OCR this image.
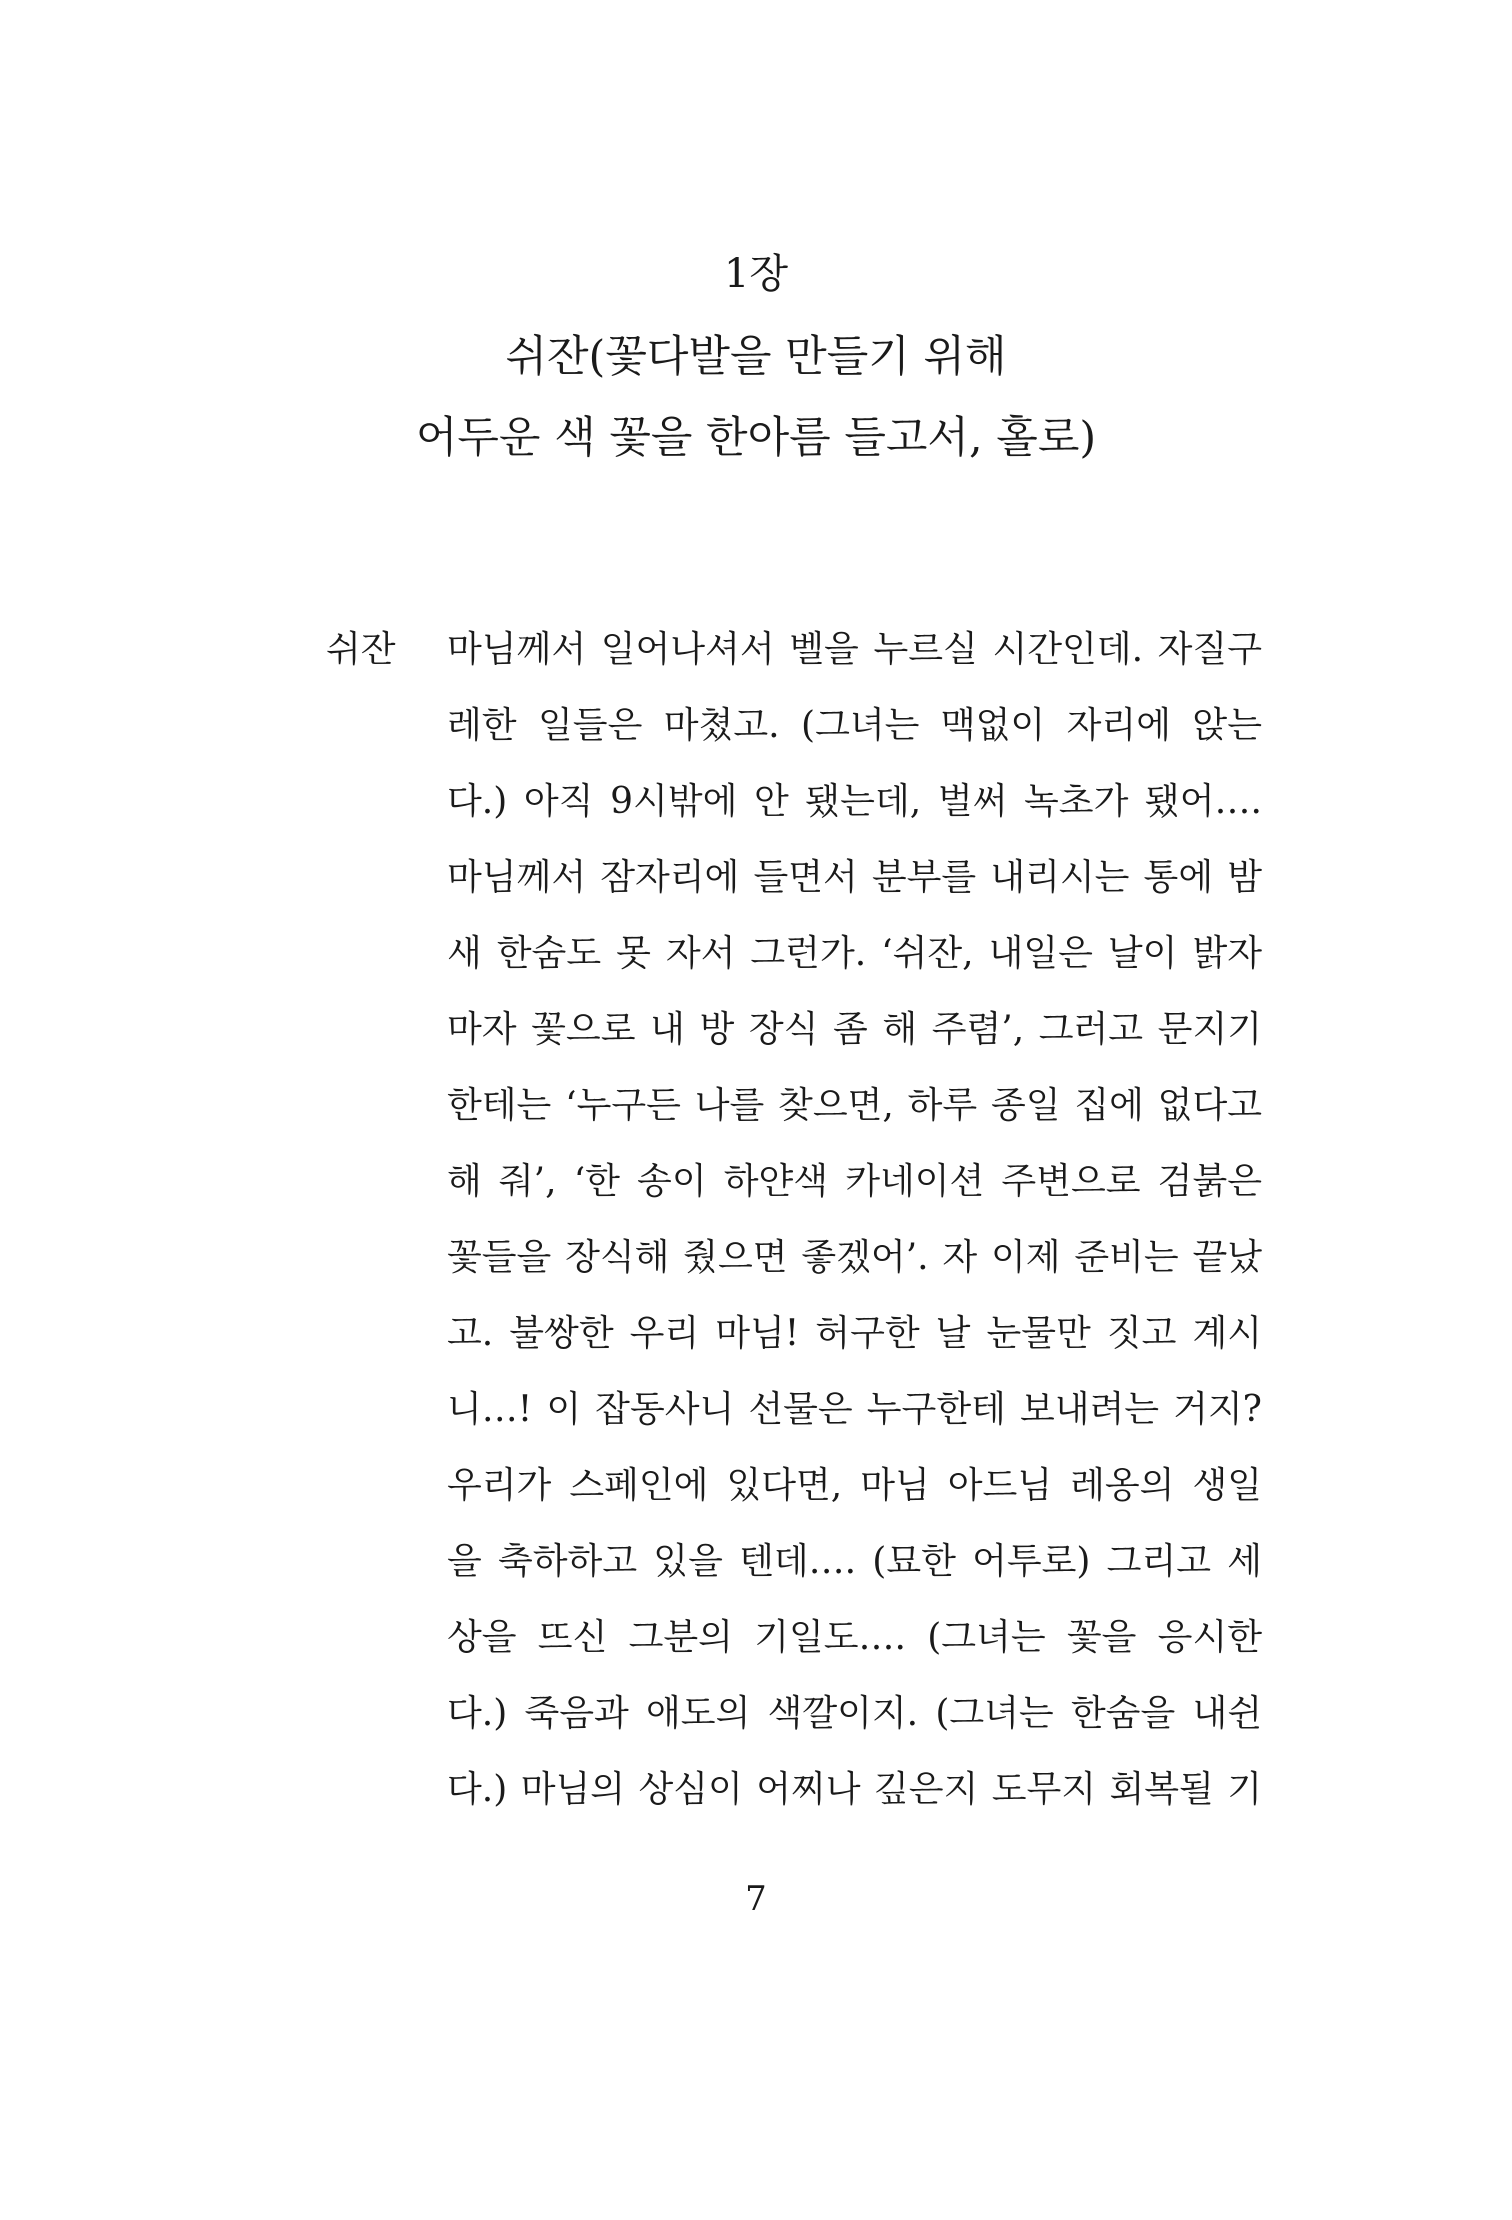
1장
쉬잔(꽃다발을 만들기 위해
어두운 색 꽃을 한아름 들고서, 홀로)
쉬잔 마님께서 일어나셔서 벨을 누르실 시간인데. 자질구
레한 일들은 마쳤고. (그녀는 맥없이 자리에 앉는
다.) 아직 9시밖에 안 됐는데, 벌써 녹초가 됐어….
마님께서 잠자리에 들면서 분부를 내리시는 통에 밤
새 한숨도 못 자서 그런가. ‘쉬잔, 내일은 날이 밝자
마자 꽃으로 내 방 장식 좀 해 주렴’, 그러고 문지기
한테는 ‘누구든 나를 찾으면, 하루 종일 집에 없다고
해 줘’, ‘한 송이 하얀색 카네이션 주변으로 검붉은
꽃들을 장식해 줬으면 좋겠어’. 자 이제 준비는 끝났
고. 불쌍한 우리 마님! 허구한 날 눈물만 짓고 계시
니…! 이 잡동사니 선물은 누구한테 보내려는 거지?
우리가 스페인에 있다면, 마님 아드님 레옹의 생일
을 축하하고 있을 텐데…. (묘한 어투로) 그리고 세
상을 뜨신 그분의 기일도…. (그녀는 꽃을 응시한
다.) 죽음과 애도의 색깔이지. (그녀는 한숨을 내쉰
다.) 마님의 상심이 어찌나 깊은지 도무지 회복될 기
7
